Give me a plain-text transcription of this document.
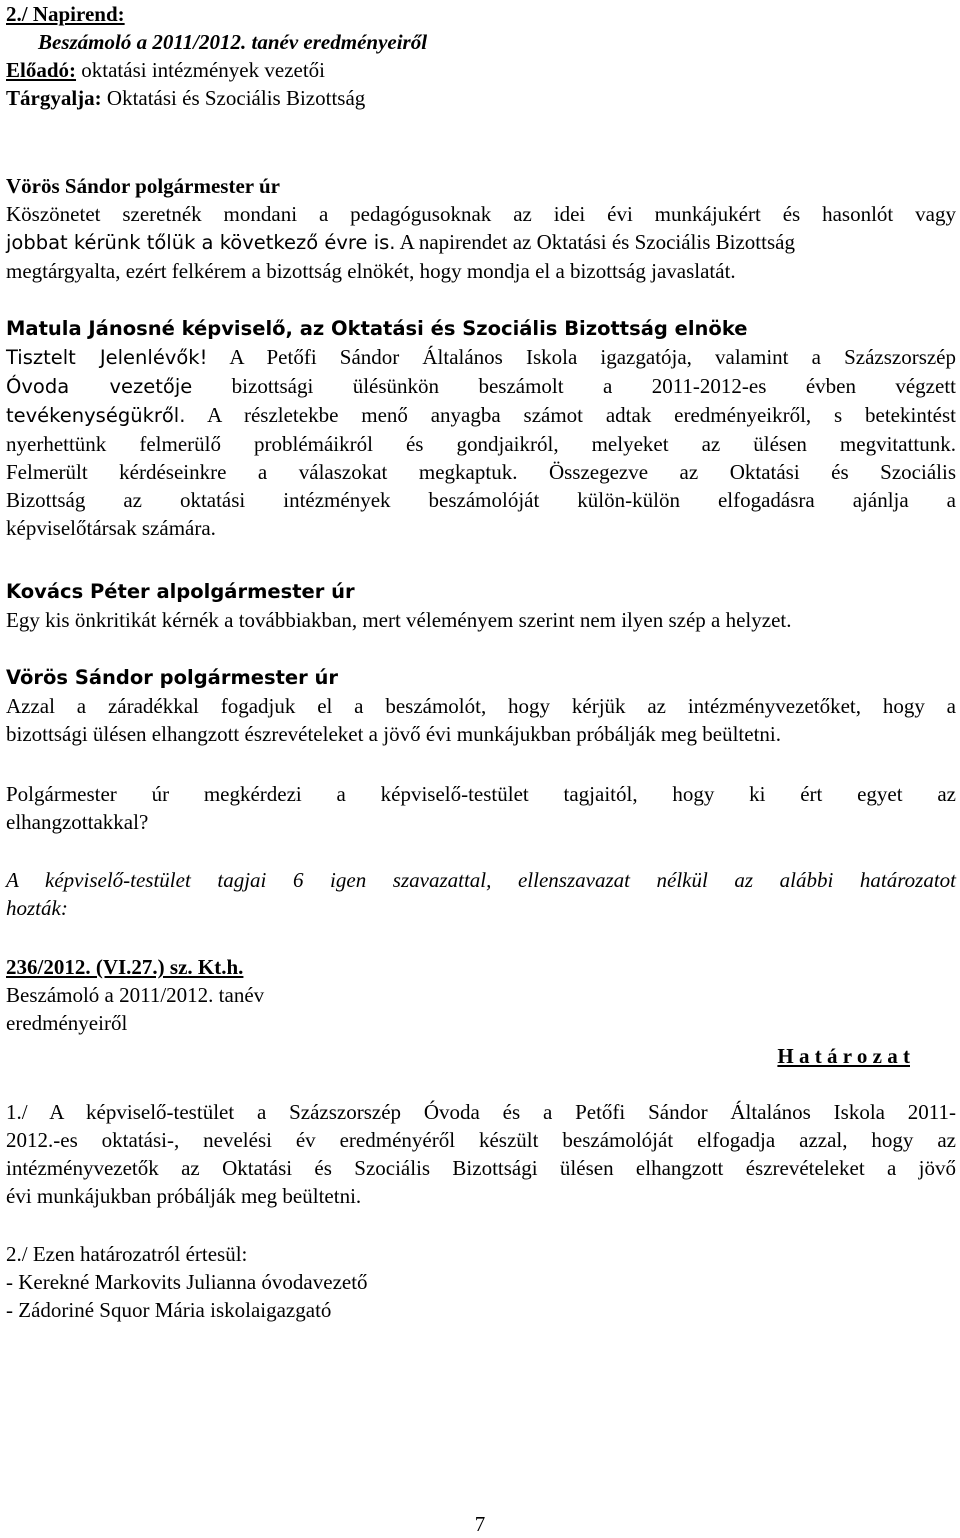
2./ Napirend:
Beszámoló a 2011/2012. tanév eredményeiről
Előadó: oktatási intézmények vezetői
Tárgyalja: Oktatási és Szociális Bizottság
Vörös Sándor polgármester úr
Köszönetet szeretnék mondani a pedagógusoknak az idei évi munkájukért és hasonlót vagy
jobbat kérünk tőlük a következő évre is. A napirendet az Oktatási és Szociális Bizottság
megtárgyalta, ezért felkérem a bizottság elnökét, hogy mondja el a bizottság javaslatát.
Matula Jánosné képviselő, az Oktatási és Szociális Bizottság elnöke
Tisztelt Jelenlévők! A Petőfi Sándor Általános Iskola igazgatója, valamint a Százszorszép
Óvoda vezetője bizottsági ülésünkön beszámolt a 2011-2012-es évben végzett
tevékenységükről. A részletekbe menő anyagba számot adtak eredményeikről, s betekintést
nyerhettünk felmerülő problémáikról és gondjaikról, melyeket az ülésen megvitattunk.
Felmerült kérdéseinkre a válaszokat megkaptuk. Összegezve az Oktatási és Szociális
Bizottság az oktatási intézmények beszámolóját külön-külön elfogadásra ajánlja a
képviselőtársak számára.
Kovács Péter alpolgármester úr
Egy kis önkritikát kérnék a továbbiakban, mert véleményem szerint nem ilyen szép a helyzet.
Vörös Sándor polgármester úr
Azzal a záradékkal fogadjuk el a beszámolót, hogy kérjük az intézményvezetőket, hogy a
bizottsági ülésen elhangzott észrevételeket a jövő évi munkájukban próbálják meg beültetni.
Polgármester úr megkérdezi a képviselő-testület tagjaitól, hogy ki ért egyet az
elhangzottakkal?
A képviselő-testület tagjai 6 igen szavazattal, ellenszavazat nélkül az alábbi határozatot
hozták:
236/2012. (VI.27.) sz. Kt.h.
Beszámoló a 2011/2012. tanév
eredményeiről
H a t á r o z a t
1./ A képviselő-testület a Százszorszép Óvoda és a Petőfi Sándor Általános Iskola 2011-
2012.-es oktatási-, nevelési év eredményéről készült beszámolóját elfogadja azzal, hogy az
intézményvezetők az Oktatási és Szociális Bizottsági ülésen elhangzott észrevételeket a jövő
évi munkájukban próbálják meg beültetni.
2./ Ezen határozatról értesül:
- Kerekné Markovits Julianna óvodavezető
- Zádoriné Squor Mária iskolaigazgató
7
